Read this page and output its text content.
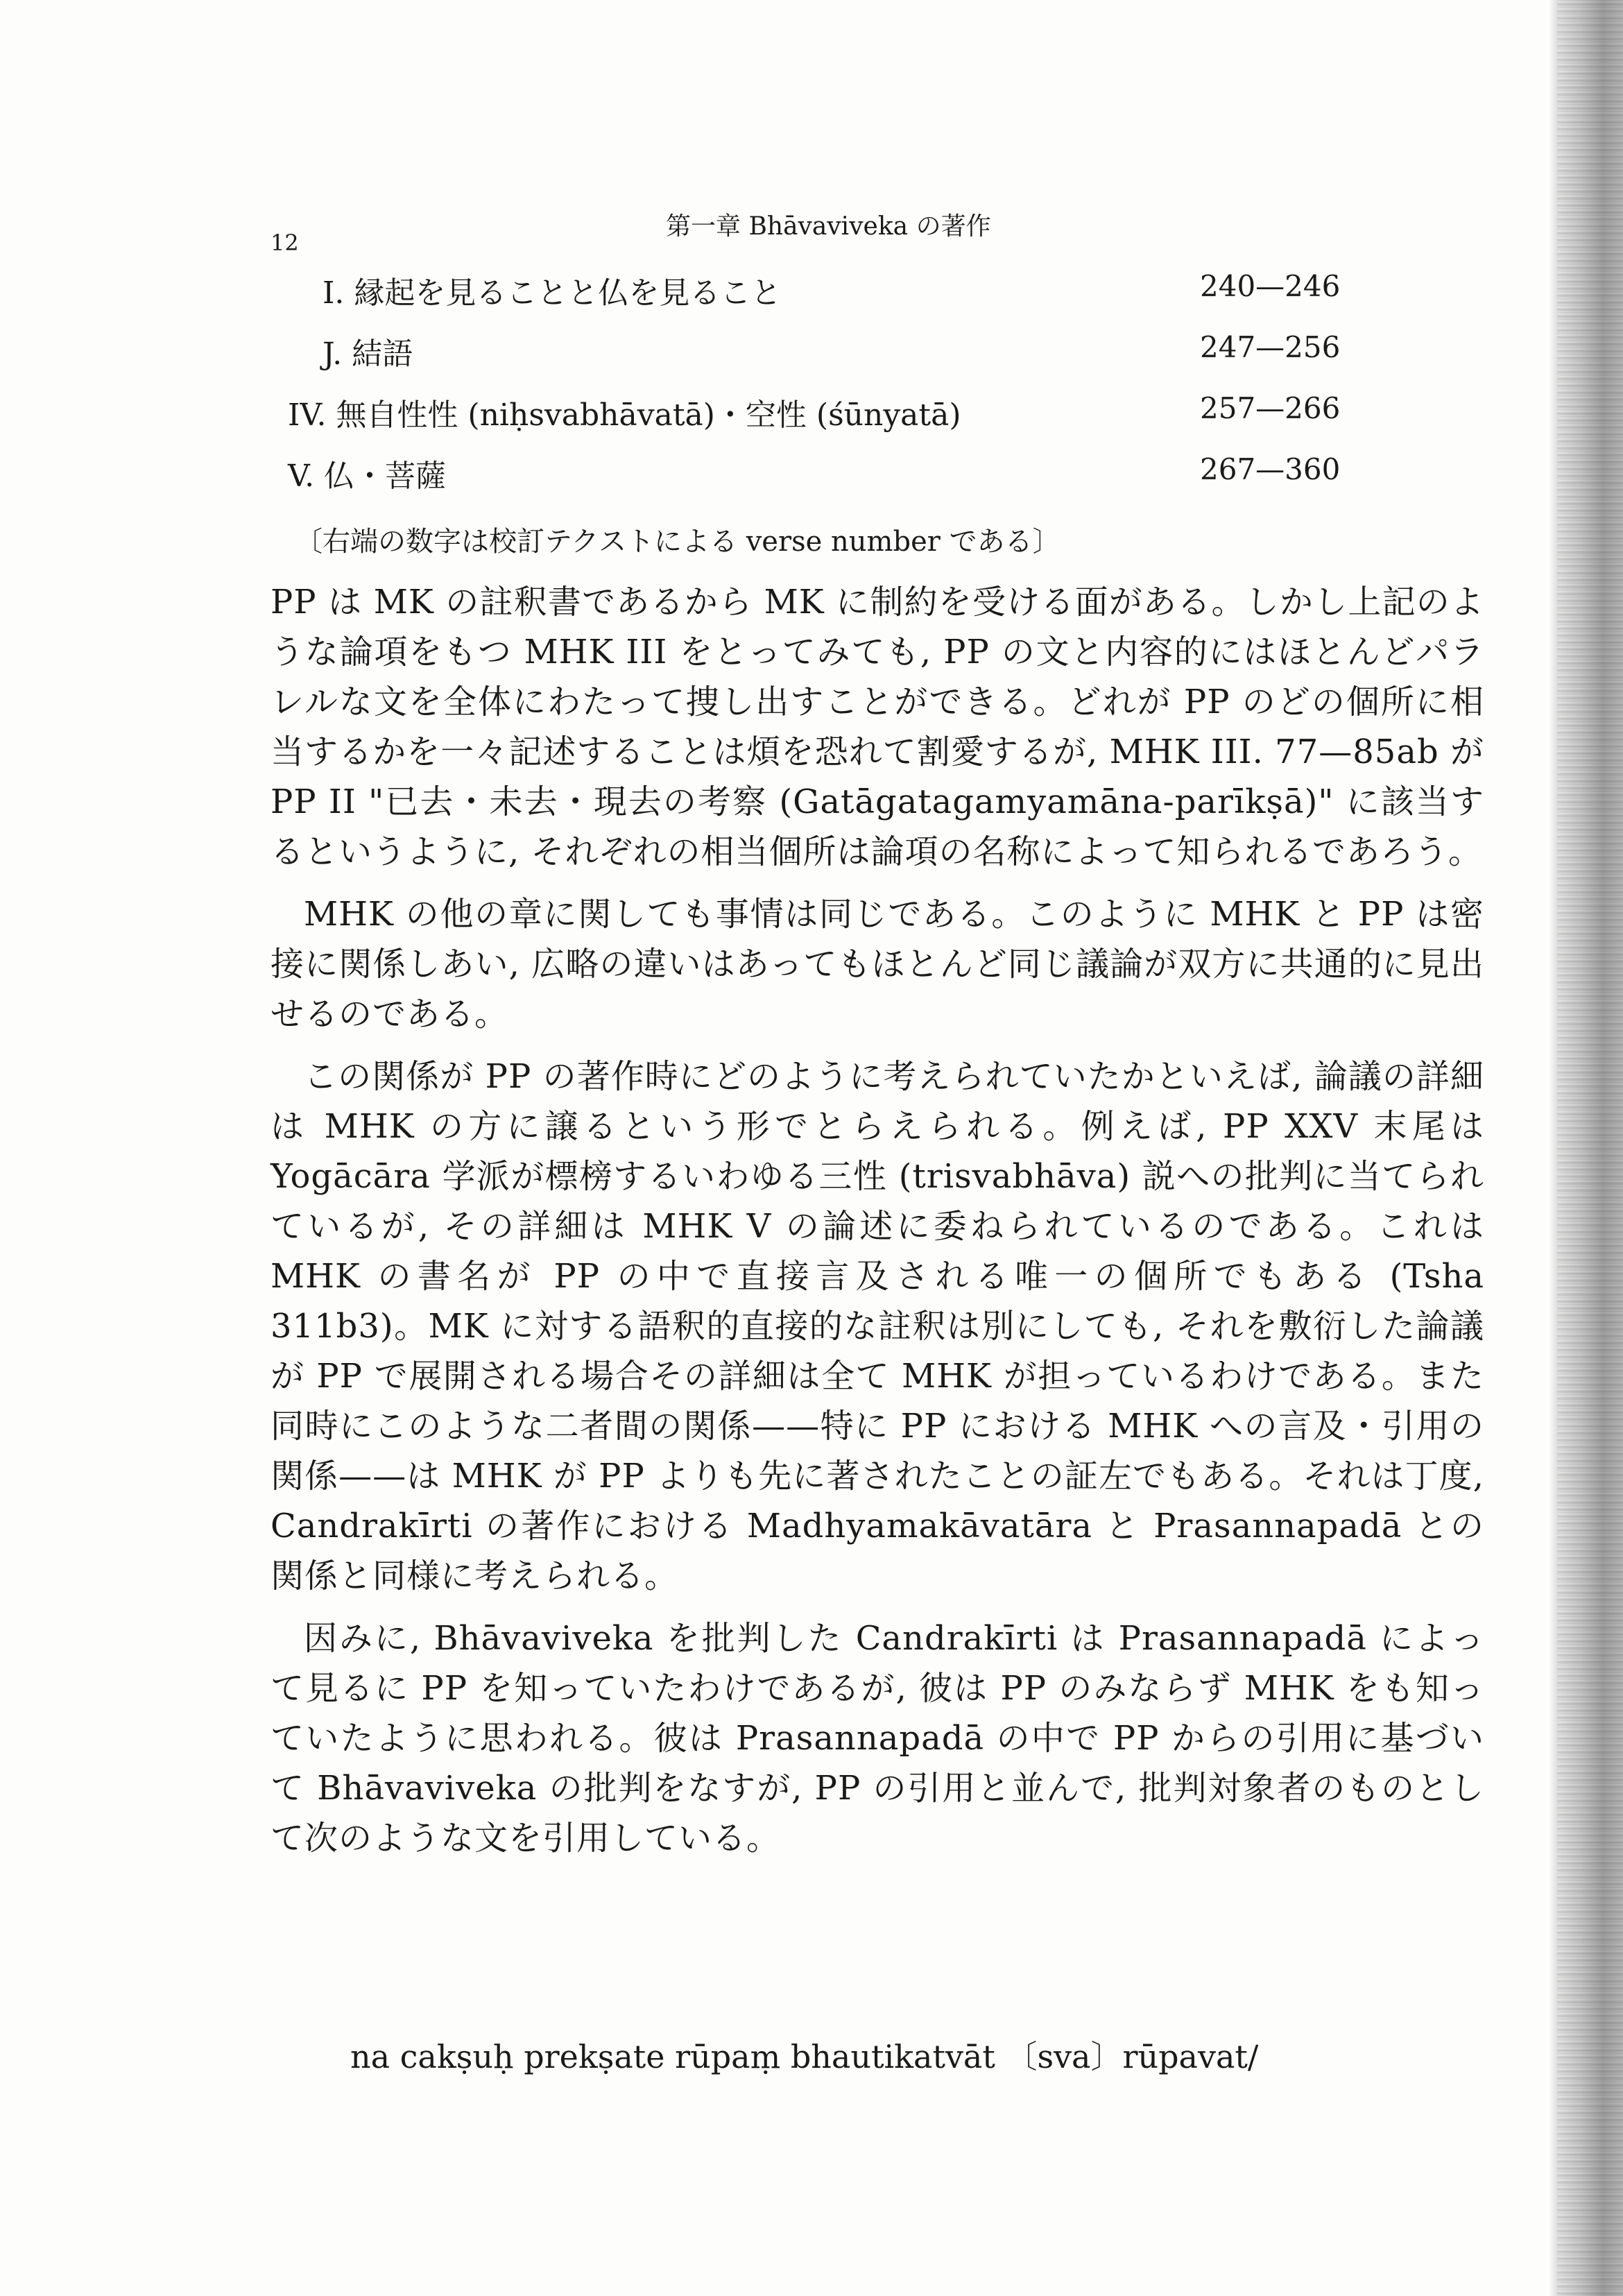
12
第一章 Bhāvaviveka の著作
I. 縁起を見ることと仏を見ること	240—246
J. 結語	247—256
IV. 無自性性 (niḥsvabhāvatā)・空性 (śūnyatā)	257—266
V. 仏・菩薩	267—360
〔右端の数字は校訂テクストによる verse number である〕

PP は MK の註釈書であるから MK に制約を受ける面がある。しかし上記のような論項をもつ MHK III をとってみても, PP の文と内容的にはほとんどパラレルな文を全体にわたって捜し出すことができる。どれが PP のどの個所に相当するかを一々記述することは煩を恐れて割愛するが, MHK III. 77—85ab が PP II "已去・未去・現去の考察 (Gatāgatagamyamāna-parīkṣā)" に該当するというように, それぞれの相当個所は論項の名称によって知られるであろう。

MHK の他の章に関しても事情は同じである。このように MHK と PP は密接に関係しあい, 広略の違いはあってもほとんど同じ議論が双方に共通的に見出せるのである。

この関係が PP の著作時にどのように考えられていたかといえば, 論議の詳細は MHK の方に譲るという形でとらえられる。例えば, PP XXV 末尾は Yogācāra 学派が標榜するいわゆる三性 (trisvabhāva) 説への批判に当てられているが, その詳細は MHK V の論述に委ねられているのである。これは MHK の書名が PP の中で直接言及される唯一の個所でもある (Tsha 311b3)。MK に対する語釈的直接的な註釈は別にしても, それを敷衍した論議が PP で展開される場合その詳細は全て MHK が担っているわけである。また同時にこのような二者間の関係——特に PP における MHK への言及・引用の関係——は MHK が PP よりも先に著されたことの証左でもある。それは丁度, Candrakīrti の著作における Madhyamakāvatāra と Prasannapadā との関係と同様に考えられる。

因みに, Bhāvaviveka を批判した Candrakīrti は Prasannapadā によって見るに PP を知っていたわけであるが, 彼は PP のみならず MHK をも知っていたように思われる。彼は Prasannapadā の中で PP からの引用に基づいて Bhāvaviveka の批判をなすが, PP の引用と並んで, 批判対象者のものとして次のような文を引用している。

na cakṣuḥ prekṣate rūpaṃ bhautikatvāt 〔sva〕rūpavat/
